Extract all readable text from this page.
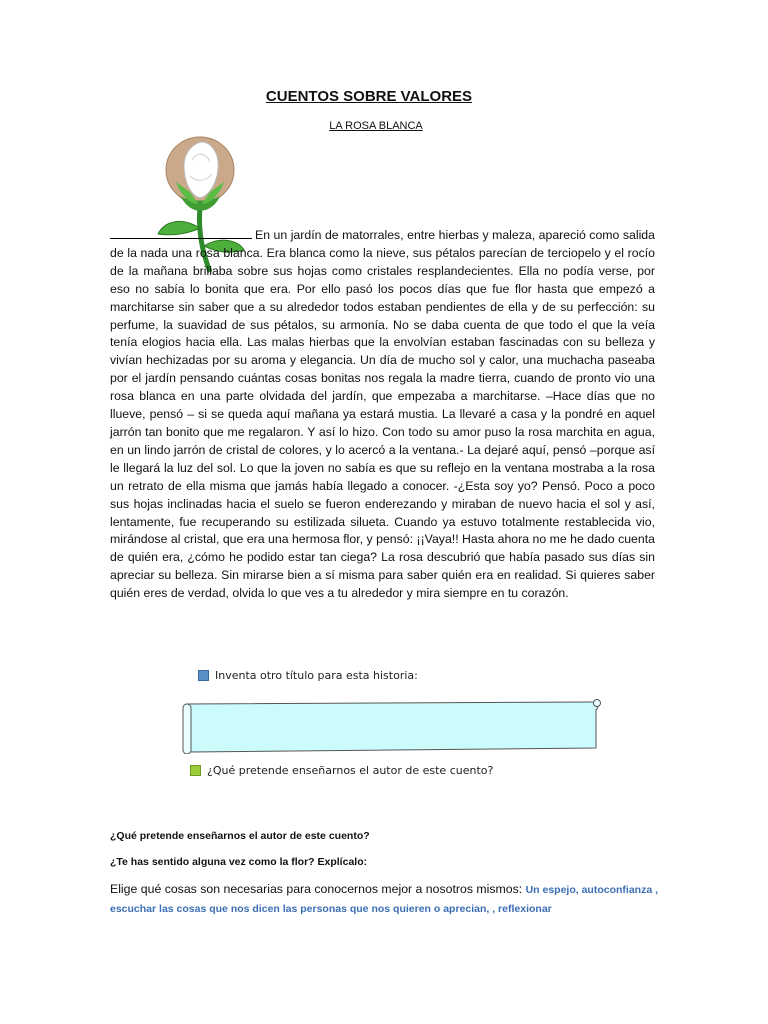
CUENTOS SOBRE VALORES
LA ROSA BLANCA
En un jardín de matorrales, entre hierbas y maleza, apareció como salida de la nada una rosa blanca. Era blanca como la nieve, sus pétalos parecían de terciopelo y el rocío de la mañana brillaba sobre sus hojas como cristales resplandecientes. Ella no podía verse, por eso no sabía lo bonita que era. Por ello pasó los pocos días que fue flor hasta que empezó a marchitarse sin saber que a su alrededor todos estaban pendientes de ella y de su perfección: su perfume, la suavidad de sus pétalos, su armonía. No se daba cuenta de que todo el que la veía tenía elogios hacia ella. Las malas hierbas que la envolvían estaban fascinadas con su belleza y vivían hechizadas por su aroma y elegancia. Un día de mucho sol y calor, una muchacha paseaba por el jardín pensando cuántas cosas bonitas nos regala la madre tierra, cuando de pronto vio una rosa blanca en una parte olvidada del jardín, que empezaba a marchitarse. –Hace días que no llueve, pensó – si se queda aquí mañana ya estará mustia. La llevaré a casa y la pondré en aquel jarrón tan bonito que me regalaron. Y así lo hizo. Con todo su amor puso la rosa marchita en agua, en un lindo jarrón de cristal de colores, y lo acercó a la ventana.- La dejaré aquí, pensó –porque así le llegará la luz del sol. Lo que la joven no sabía es que su reflejo en la ventana mostraba a la rosa un retrato de ella misma que jamás había llegado a conocer. -¿Esta soy yo? Pensó. Poco a poco sus hojas inclinadas hacia el suelo se fueron enderezando y miraban de nuevo hacia el sol y así, lentamente, fue recuperando su estilizada silueta. Cuando ya estuvo totalmente restablecida vio, mirándose al cristal, que era una hermosa flor, y pensó: ¡¡Vaya!! Hasta ahora no me he dado cuenta de quién era, ¿cómo he podido estar tan ciega? La rosa descubrió que había pasado sus días sin apreciar su belleza. Sin mirarse bien a sí misma para saber quién era en realidad. Si quieres saber quién eres de verdad, olvida lo que ves a tu alrededor y mira siempre en tu corazón.
Inventa otro título para esta historia:
¿Qué pretende enseñarnos el autor de este cuento?
¿Qué pretende enseñarnos el autor de este cuento?
¿Te has sentido alguna vez como la flor? Explícalo:
Elige qué cosas son necesarias para conocernos mejor a nosotros mismos: Un espejo, autoconfianza , escuchar las cosas que nos dicen las personas que nos quieren o aprecian, , reflexionar
